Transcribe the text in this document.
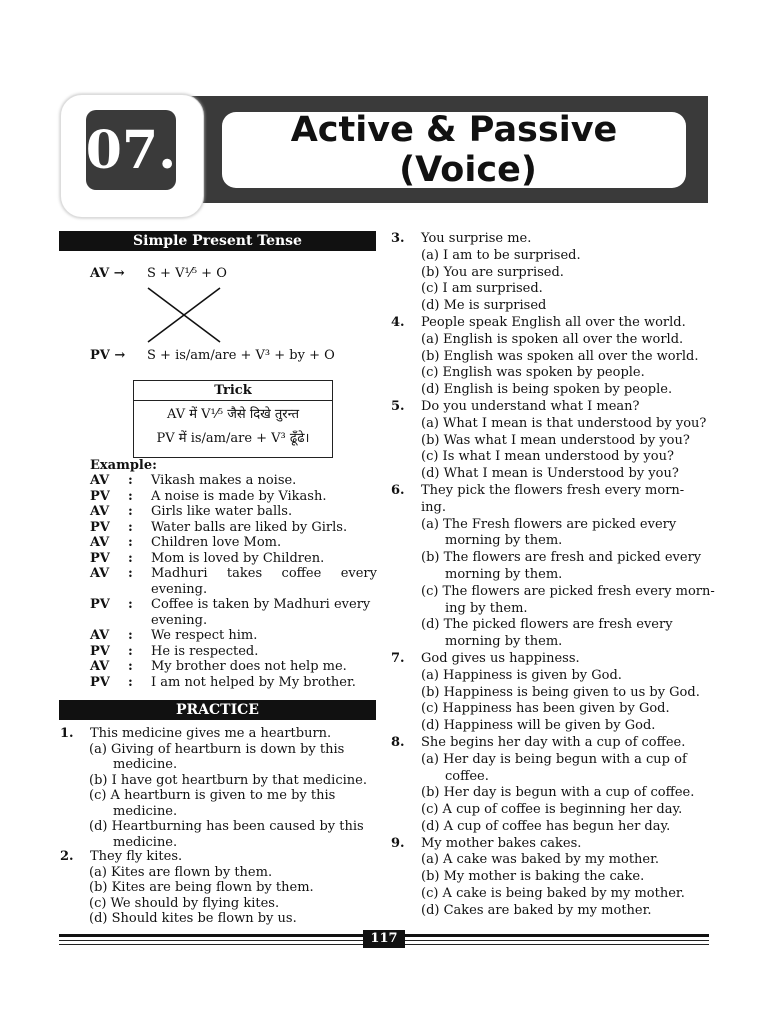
07.	Active & Passive
(Voice)
Simple Present Tense
AV → S + V¹⁄⁵ + O
PV → S + is/am/are + V³ + by + O
Trick
AV में V¹⁄⁵ जैसे दिखे तुरन्त
PV में is/am/are + V³ ढूँढे।
Example:
AV : Vikash makes a noise.
PV : A noise is made by Vikash.
AV : Girls like water balls.
PV : Water balls are liked by Girls.
AV : Children love Mom.
PV : Mom is loved by Children.
AV : Madhuri takes coffee every
evening.
PV : Coffee is taken by Madhuri every
evening.
AV : We respect him.
PV : He is respected.
AV : My brother does not help me.
PV : I am not helped by My brother.
PRACTICE
1. This medicine gives me a heartburn.
(a) Giving of heartburn is down by this
medicine.
(b) I have got heartburn by that medicine.
(c) A heartburn is given to me by this
medicine.
(d) Heartburning has been caused by this
medicine.
2. They fly kites.
(a) Kites are flown by them.
(b) Kites are being flown by them.
(c) We should by flying kites.
(d) Should kites be flown by us.
3. You surprise me.
(a) I am to be surprised.
(b) You are surprised.
(c) I am surprised.
(d) Me is surprised
4. People speak English all over the world.
(a) English is spoken all over the world.
(b) English was spoken all over the world.
(c) English was spoken by people.
(d) English is being spoken by people.
5. Do you understand what I mean?
(a) What I mean is that understood by you?
(b) Was what I mean understood by you?
(c) Is what I mean understood by you?
(d) What I mean is Understood by you?
6. They pick the flowers fresh every morn-
ing.
(a) The Fresh flowers are picked every
morning by them.
(b) The flowers are fresh and picked every
morning by them.
(c) The flowers are picked fresh every morn-
ing by them.
(d) The picked flowers are fresh every
morning by them.
7. God gives us happiness.
(a) Happiness is given by God.
(b) Happiness is being given to us by God.
(c) Happiness has been given by God.
(d) Happiness will be given by God.
8. She begins her day with a cup of coffee.
(a) Her day is being begun with a cup of
coffee.
(b) Her day is begun with a cup of coffee.
(c) A cup of coffee is beginning her day.
(d) A cup of coffee has begun her day.
9. My mother bakes cakes.
(a) A cake was baked by my mother.
(b) My mother is baking the cake.
(c) A cake is being baked by my mother.
(d) Cakes are baked by my mother.
117
